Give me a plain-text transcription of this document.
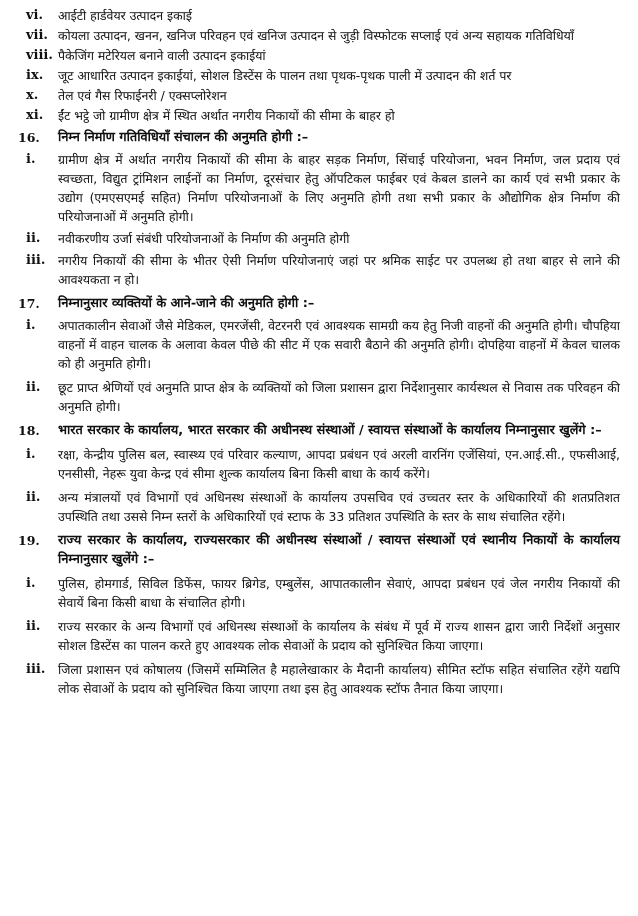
vi.	आईटी हार्डवेयर उत्पादन इकाई
vii. कोयला उत्पादन, खनन, खनिज परिवहन एवं खनिज उत्पादन से जुड़ी विस्फोटक सप्लाई एवं अन्य सहायक गतिविधियॉं
viii. पैकेजिंग मटेरियल बनाने वाली उत्पादन इकाईयां
ix.	जूट आधारित उत्पादन इकाईयां, सोशल डिस्टेंस के पालन तथा पृथक-पृथक पाली में उत्पादन की शर्त पर
x.	तेल एवं गैस रिफाईनरी / एक्सप्लोरेशन
xi.	ईंट भट्ठे जो ग्रामीण क्षेत्र में स्थित अर्थात नगरीय निकायों की सीमा के बाहर हो
16.	निम्न निर्माण गतिविधियॉं संचालन की अनुमति होगी :–
i.	ग्रामीण क्षेत्र में अर्थात नगरीय निकायों की सीमा के बाहर सड़क निर्माण, सिंचाई परियोजना, भवन निर्माण, जल प्रदाय एवं स्वच्छता, विद्युत ट्रांमिशन लाईनों का निर्माण, दूरसंचार हेतु ऑपटिकल फाईबर एवं केबल डालने का कार्य एवं सभी प्रकार के उद्योग (एमएसएमई सहित) निर्माण परियोजनाओं के लिए अनुमति होगी तथा सभी प्रकार के औद्योगिक क्षेत्र निर्माण की परियोजनाओं में अनुमति होगी।
ii.	नवीकरणीय उर्जा संबंधी परियोजनाओं के निर्माण की अनुमति होगी
iii.	नगरीय निकायों की सीमा के भीतर ऐसी निर्माण परियोजनाएं जहां पर श्रमिक साईट पर उपलब्ध हो तथा बाहर से लाने की आवश्यकता न हो।
17.	निम्नानुसार व्यक्तियों के आने-जाने की अनुमति होगी :–
i.	अपातकालीन सेवाओं जैसे मेडिकल, एमरजेंसी, वेटरनरी एवं आवश्यक सामग्री कय हेतु निजी वाहनों की अनुमति होगी। चौपहिया वाहनों में वाहन चालक के अलावा केवल पीछे की सीट में एक सवारी बैठाने की अनुमति होगी। दोपहिया वाहनों में केवल चालक को ही अनुमति होगी।
ii.	छूट प्राप्त श्रेणियों एवं अनुमति प्राप्त क्षेत्र के व्यक्तियों को जिला प्रशासन द्वारा निर्देशानुसार कार्यस्थल से निवास तक परिवहन की अनुमति होगी।
18.	भारत सरकार के कार्यालय, भारत सरकार की अधीनस्थ संस्थाओं / स्वायत्त संस्थाओं के कार्यालय निम्नानुसार खुलेंगे :–
i.	रक्षा, केन्द्रीय पुलिस बल, स्वास्थ्य एवं परिवार कल्याण, आपदा प्रबंधन एवं अरली वारनिंग एजेंसियां, एन.आई.सी., एफसीआई, एनसीसी, नेहरू युवा केन्द्र एवं सीमा शुल्क कार्यालय बिना किसी बाधा के कार्य करेंगे।
ii.	अन्य मंत्रालयों एवं विभागों एवं अधिनस्थ संस्थाओं के कार्यालय उपसचिव एवं उच्चतर स्तर के अधिकारियों की शतप्रतिशत उपस्थिति तथा उससे निम्न स्तरों के अधिकारियों एवं स्टाफ के 33 प्रतिशत उपस्थिति के स्तर के साथ संचालित रहेंगे।
19.	राज्य सरकार के कार्यालय, राज्यसरकार की अधीनस्थ संस्थाओं / स्वायत्त संस्थाओं एवं स्थानीय निकायों के कार्यालय निम्नानुसार खुलेंगे :–
i.	पुलिस, होमगार्ड, सिविल डिफेंस, फायर ब्रिगेड, एम्बुलेंस, आपातकालीन सेवाएं, आपदा प्रबंधन एवं जेल नगरीय निकायों की सेवायें बिना किसी बाधा के संचालित होगी।
ii.	राज्य सरकार के अन्य विभागों एवं अधिनस्थ संस्थाओं के कार्यालय के संबंध में पूर्व में राज्य शासन द्वारा जारी निर्देशों अनुसार सोशल डिस्टेंस का पालन करते हुए आवश्यक लोक सेवाओं के प्रदाय को सुनिश्चित किया जाएगा।
iii.	जिला प्रशासन एवं कोषालय (जिसमें सम्मिलित है महालेखाकार के मैदानी कार्यालय) सीमित स्टॉफ सहित संचालित रहेंगे यद्यपि लोक सेवाओं के प्रदाय को सुनिश्चित किया जाएगा तथा इस हेतु आवश्यक स्टॉफ तैनात किया जाएगा।
